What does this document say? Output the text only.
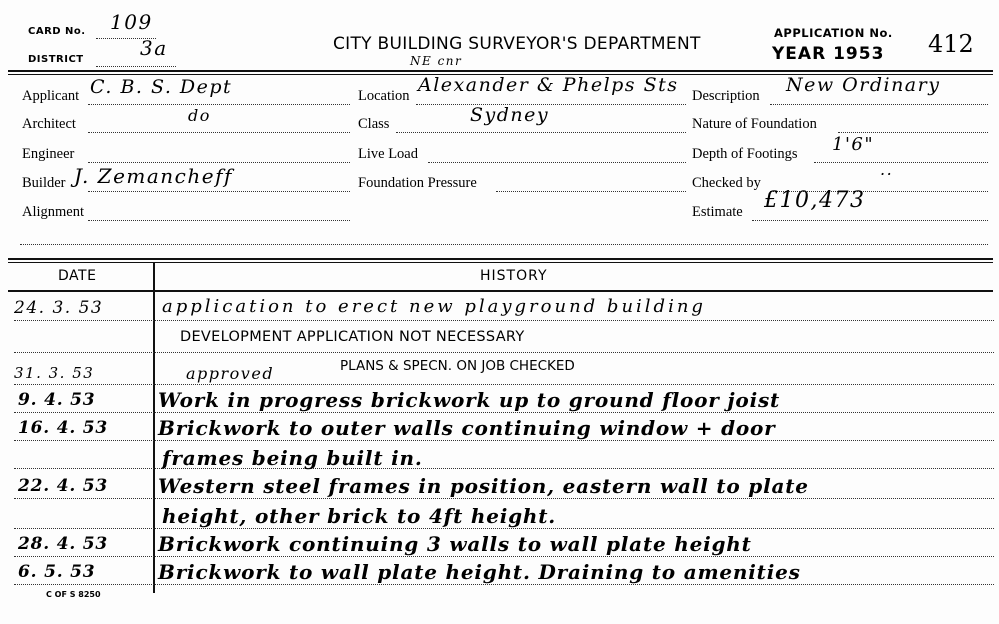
CARD No. 109
DISTRICT	3a	CITY BUILDING SURVEYOR'S DEPARTMENT
NE cnr
APPLICATION No.
YEAR 1953 412
Applicant C. B. S. Dept
Architect	do
Engineer
Builder J. Zemancheff
Alignment
Location Alexander & Phelps Sts
Class	Sydney
Live Load
Foundation Pressure
Description New Ordinary
Nature of Foundation
Depth of Footings 1'6"
Checked by
..
Estimate £10,473
DATE	HISTORY
24. 3. 53	application to erect new playground building
DEVELOPMENT APPLICATION NOT NECESSARY
31. 3. 53	approved	PLANS & SPECN. ON JOB CHECKED
9. 4. 53	Work in progress brickwork up to ground floor joist
16. 4. 53 Brickwork to outer walls continuing window + door
frames being built in.
22. 4. 53 Western steel frames in position, eastern wall to plate
height, other brick to 4ft height.
28. 4. 53 Brickwork continuing 3 walls to wall plate height
6. 5. 53	Brickwork to wall plate height. Draining to amenities
C OF S 8250
